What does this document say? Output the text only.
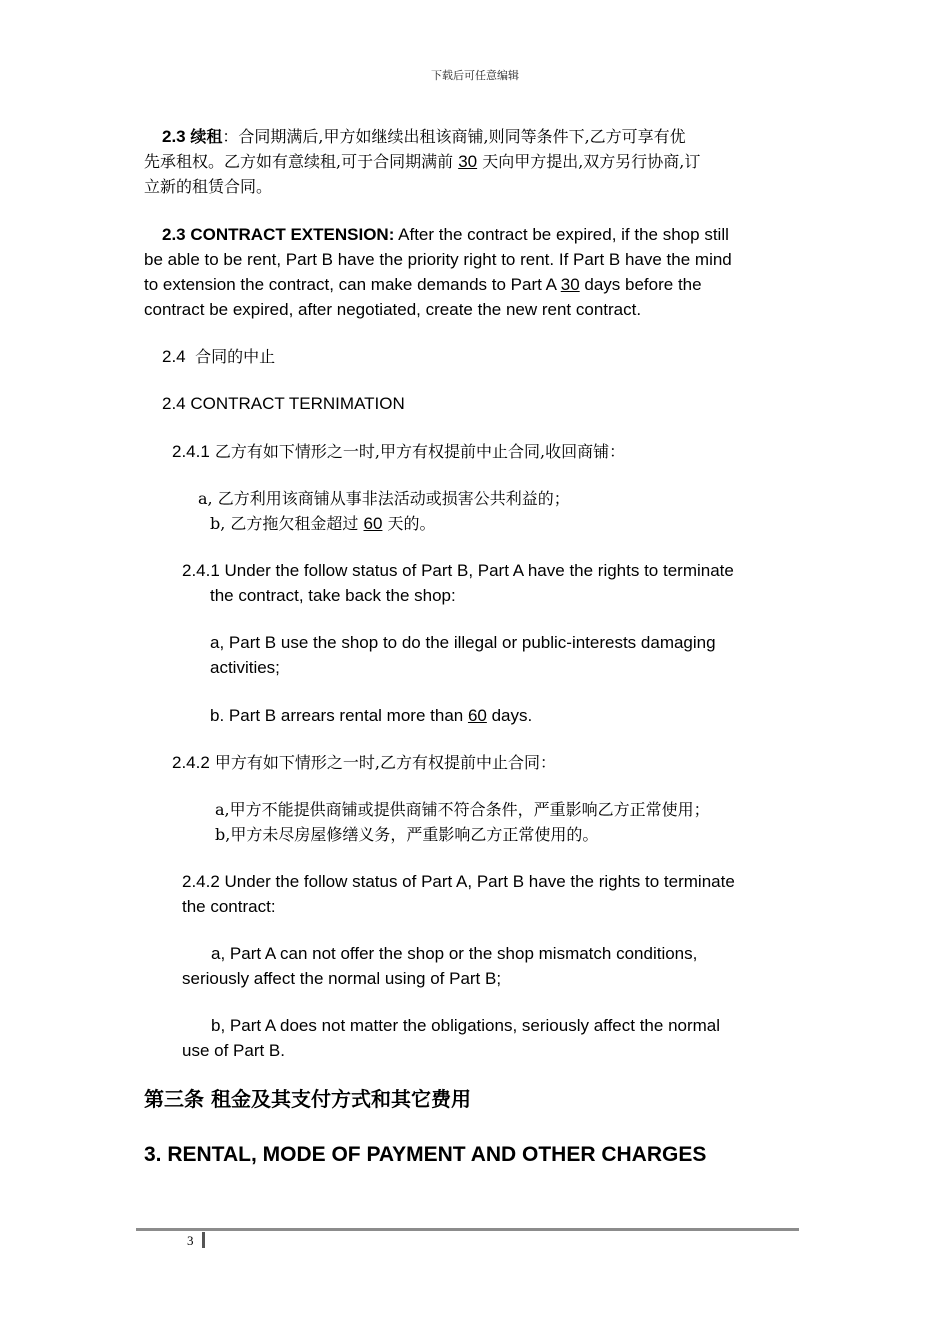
下载后可任意编辑
2.3 续租：合同期满后,甲方如继续出租该商铺,则同等条件下,乙方可享有优
先承租权。乙方如有意续租,可于合同期满前 30 天向甲方提出,双方另行协商,订
立新的租赁合同。
2.3 CONTRACT EXTENSION: After the contract be expired, if the shop still
be able to be rent, Part B have the priority right to rent. If Part B have the mind
to extension the contract, can make demands to Part A 30 days before the
contract be expired, after negotiated, create the new rent contract.
2.4 合同的中止
2.4 CONTRACT TERNIMATION
2.4.1 乙方有如下情形之一时,甲方有权提前中止合同,收回商铺：
a, 乙方利用该商铺从事非法活动或损害公共利益的；
b, 乙方拖欠租金超过 60 天的。
2.4.1 Under the follow status of Part B, Part A have the rights to terminate
the contract, take back the shop:
a, Part B use the shop to do the illegal or public-interests damaging
activities;
b. Part B arrears rental more than 60 days.
2.4.2 甲方有如下情形之一时,乙方有权提前中止合同：
a,甲方不能提供商铺或提供商铺不符合条件，严重影响乙方正常使用；
b,甲方未尽房屋修缮义务，严重影响乙方正常使用的。
2.4.2 Under the follow status of Part A, Part B have the rights to terminate
the contract:
a, Part A can not offer the shop or the shop mismatch conditions,
seriously affect the normal using of Part B;
b, Part A does not matter the obligations, seriously affect the normal
use of Part B.
第三条 租金及其支付方式和其它费用
3. RENTAL, MODE OF PAYMENT AND OTHER CHARGES
3
